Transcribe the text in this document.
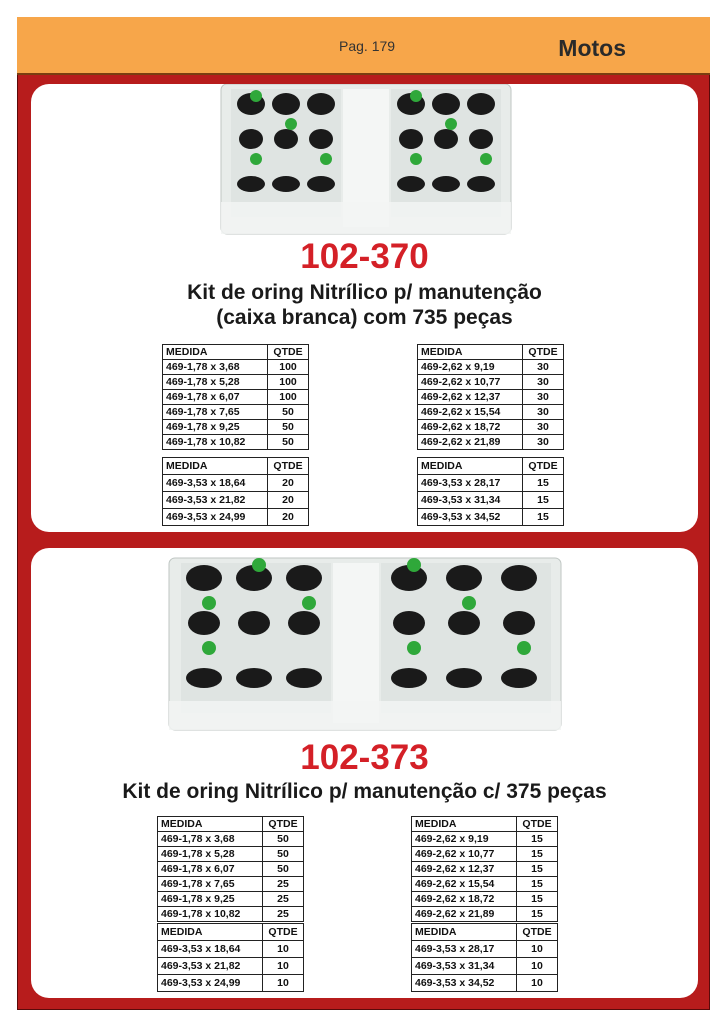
Pag. 179	Motos
102-370
Kit de oring Nitrílico p/ manutenção
(caixa branca) com 735 peças
MEDIDA	QTDE
469-1,78 x 3,68	100
469-1,78 x 5,28	100
469-1,78 x 6,07	100
469-1,78 x 7,65	50
469-1,78 x 9,25	50
469-1,78 x 10,82	50
MEDIDA	QTDE
469-2,62 x 9,19	30
469-2,62 x 10,77	30
469-2,62 x 12,37	30
469-2,62 x 15,54	30
469-2,62 x 18,72	30
469-2,62 x 21,89	30
MEDIDA	QTDE
469-3,53 x 18,64	20
469-3,53 x 21,82	20
469-3,53 x 24,99	20
MEDIDA	QTDE
469-3,53 x 28,17	15
469-3,53 x 31,34	15
469-3,53 x 34,52	15
102-373
Kit de oring Nitrílico p/ manutenção c/ 375 peças
MEDIDA	QTDE
469-1,78 x 3,68	50
469-1,78 x 5,28	50
469-1,78 x 6,07	50
469-1,78 x 7,65	25
469-1,78 x 9,25	25
469-1,78 x 10,82	25
MEDIDA	QTDE
469-2,62 x 9,19	15
469-2,62 x 10,77	15
469-2,62 x 12,37	15
469-2,62 x 15,54	15
469-2,62 x 18,72	15
469-2,62 x 21,89	15
MEDIDA	QTDE
469-3,53 x 18,64	10
469-3,53 x 21,82	10
469-3,53 x 24,99	10
MEDIDA	QTDE
469-3,53 x 28,17	10
469-3,53 x 31,34	10
469-3,53 x 34,52	10
